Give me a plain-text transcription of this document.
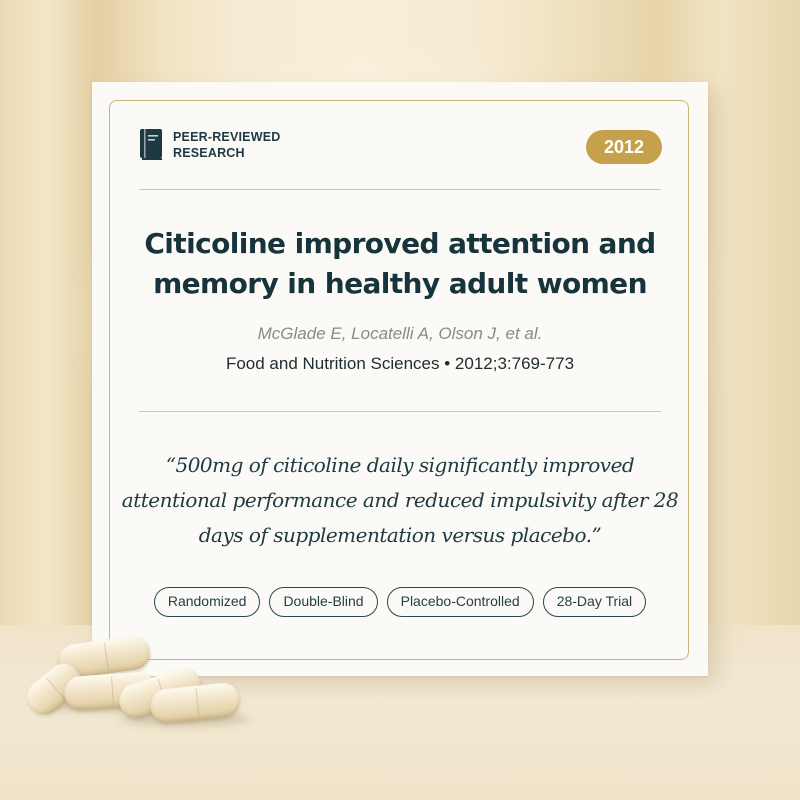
PEER-REVIEWED
RESEARCH	2012
Citicoline improved attention and memory in healthy adult women
McGlade E, Locatelli A, Olson J, et al.
Food and Nutrition Sciences • 2012;3:769-773

“500mg of citicoline daily significantly improved attentional performance and reduced impulsivity after 28 days of supplementation versus placebo.”

Randomized	Double-Blind	Placebo-Controlled	28-Day Trial
